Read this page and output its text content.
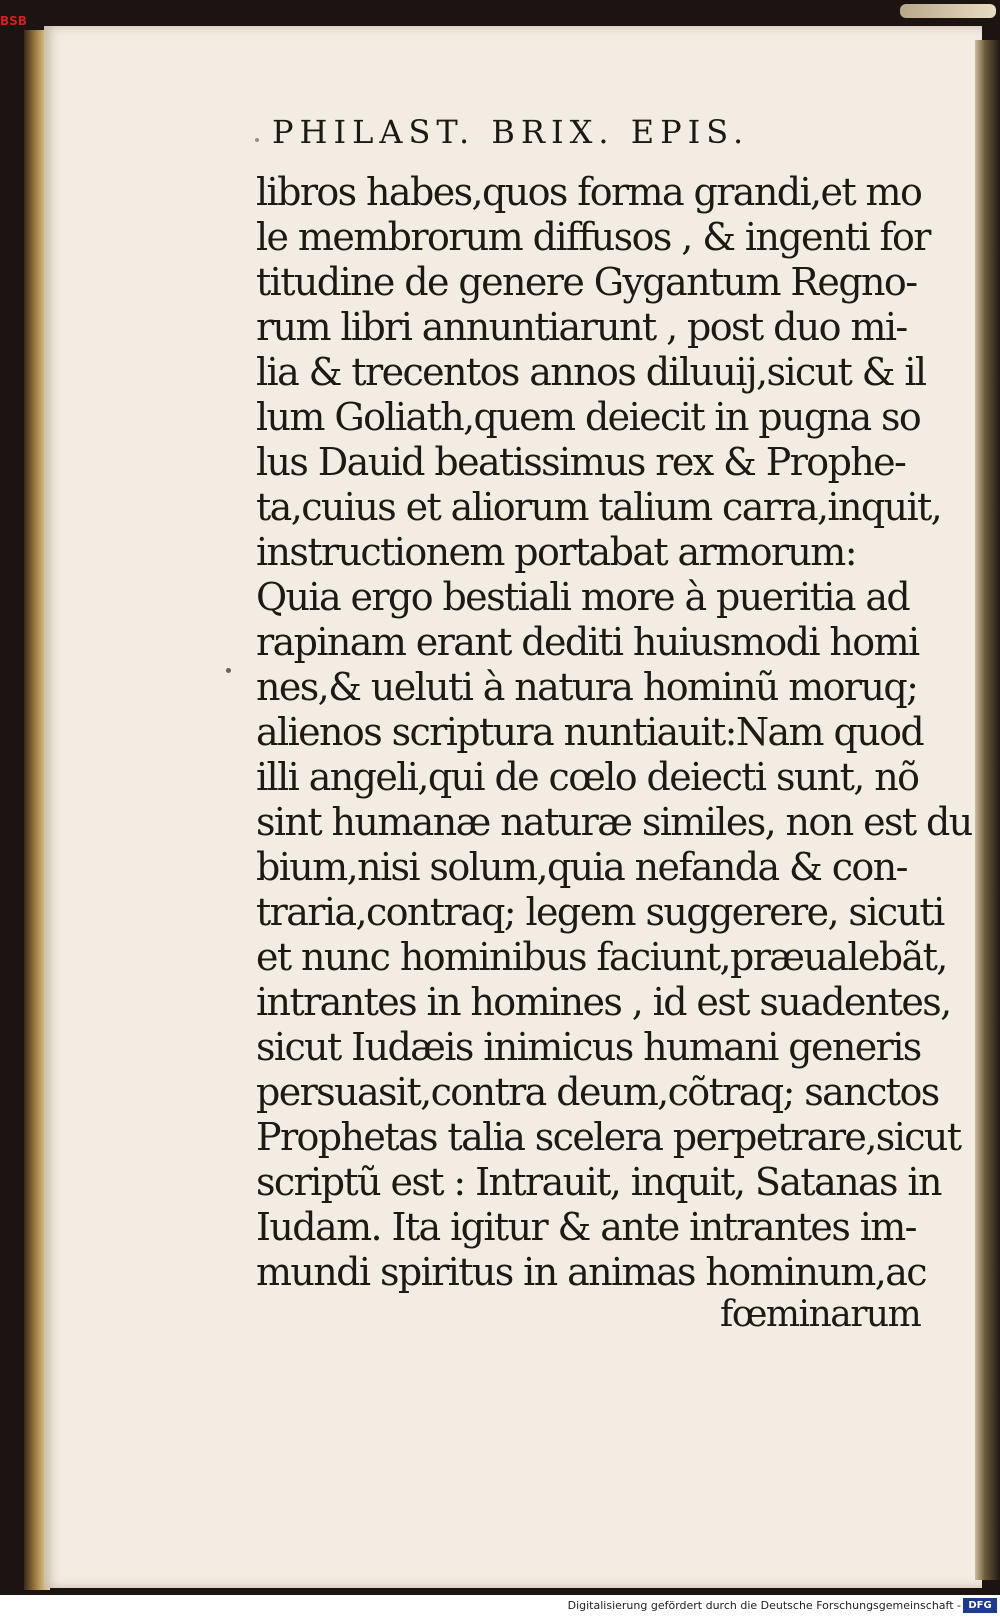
BSB
PHILAST. BRIX. EPIS.
libros habes,quos forma grandi,et mo
le membrorum diffusos , & ingenti for
titudine de genere Gygantum Regno-
rum libri annuntiarunt , post duo mi-
lia & trecentos annos diluuij,sicut & il
lum Goliath,quem deiecit in pugna so
lus Dauid beatissimus rex & Prophe-
ta,cuius et aliorum talium carra,inquit,
instructionem portabat armorum:
Quia ergo bestiali more à pueritia ad
rapinam erant dediti huiusmodi homi
nes,& ueluti à natura hominũ moruq;
alienos scriptura nuntiauit:Nam quod
illi angeli,qui de cœlo deiecti sunt, nõ
sint humanæ naturæ similes, non est du
bium,nisi solum,quia nefanda & con-
traria,contraq; legem suggerere, sicuti
et nunc hominibus faciunt,præualebãt,
intrantes in homines , id est suadentes,
sicut Iudæis inimicus humani generis
persuasit,contra deum,cõtraq; sanctos
Prophetas talia scelera perpetrare,sicut
scriptũ est : Intrauit, inquit, Satanas in
Iudam. Ita igitur & ante intrantes im-
mundi spiritus in animas hominum,ac
fœminarum
Digitalisierung gefördert durch die Deutsche Forschungsgemeinschaft - DFG
